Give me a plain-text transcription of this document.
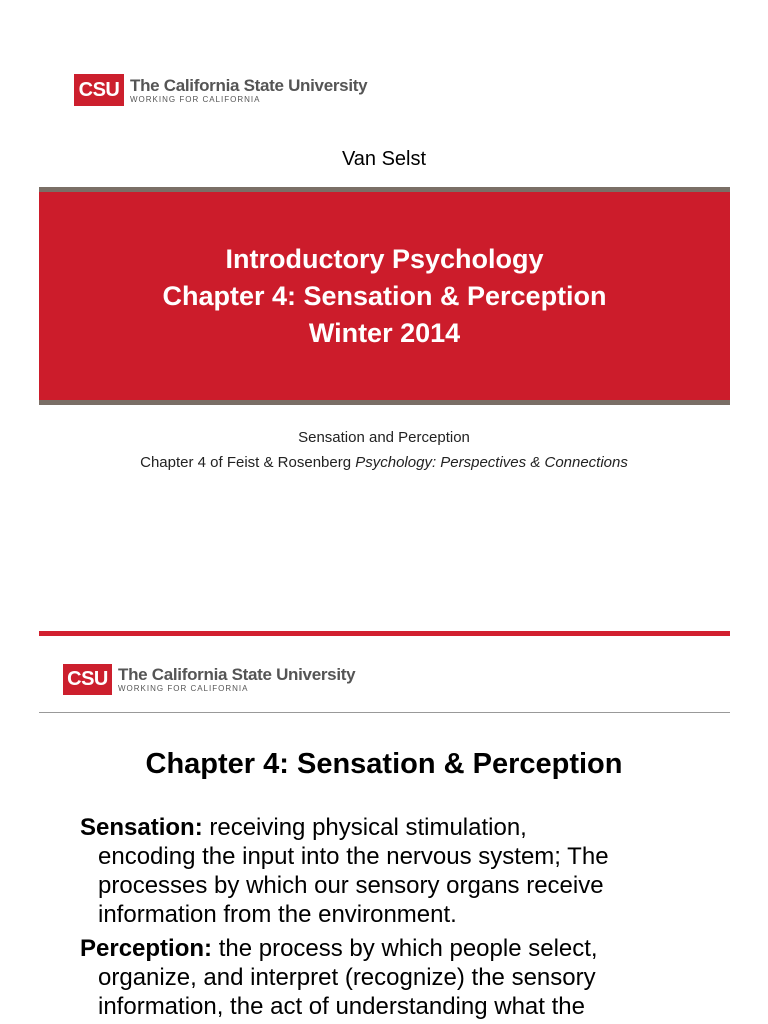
CSU The California State University
WORKING FOR CALIFORNIA
Van Selst
Introductory Psychology
Chapter 4: Sensation & Perception
Winter 2014
Sensation and Perception
Chapter 4 of Feist & Rosenberg Psychology: Perspectives & Connections
CSU The California State University
WORKING FOR CALIFORNIA
Chapter 4: Sensation & Perception
Sensation: receiving physical stimulation,
encoding the input into the nervous system; The
processes by which our sensory organs receive
information from the environment.
Perception: the process by which people select,
organize, and interpret (recognize) the sensory
information, the act of understanding what the
